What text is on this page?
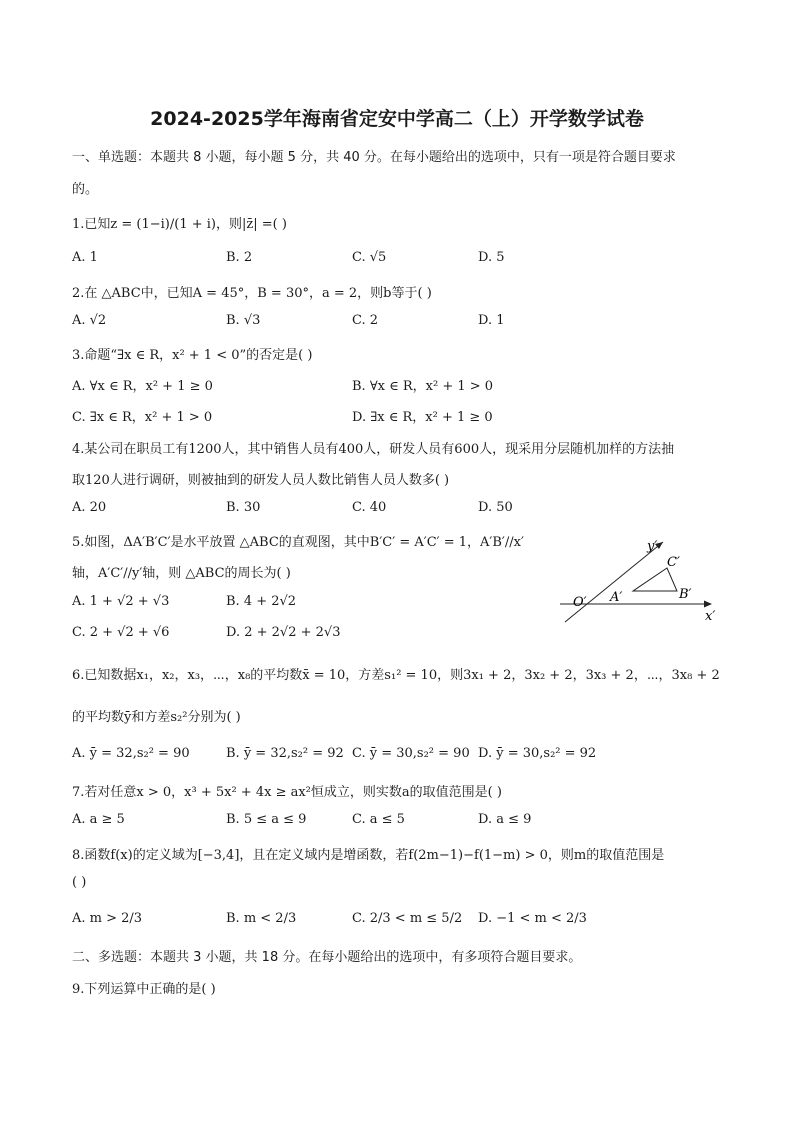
2024-2025学年海南省定安中学高二（上）开学数学试卷
一、单选题：本题共 8 小题，每小题 5 分，共 40 分。在每小题给出的选项中，只有一项是符合题目要求
的。
1.已知z = (1−i)/(1 + i)，则|z̄| =( )
A. 1	B. 2	C. √5	D. 5
2.在 △ABC中，已知A = 45°，B = 30°，a = 2，则b等于( )
A. √2	B. √3	C. 2	D. 1
3.命题“∃x ∈ R，x² + 1 < 0”的否定是( )
A. ∀x ∈ R，x² + 1 ≥ 0	B. ∀x ∈ R，x² + 1 > 0
C. ∃x ∈ R，x² + 1 > 0	D. ∃x ∈ R，x² + 1 ≥ 0
4.某公司在职员工有1200人，其中销售人员有400人，研发人员有600人，现采用分层随机加样的方法抽
取120人进行调研，则被抽到的研发人员人数比销售人员人数多( )
A. 20	B. 30	C. 40	D. 50
5.如图，ΔA′B′C′是水平放置 △ABC的直观图，其中B′C′ = A′C′ = 1，A′B′//x′
轴，A′C′//y′轴，则 △ABC的周长为( )
A. 1 + √2 + √3	B. 4 + 2√2
C. 2 + √2 + √6	D. 2 + 2√2 + 2√3
y′
x′
O′ A′	B′
C′
6.已知数据x₁，x₂，x₃，⋯，x₈的平均数x̄ = 10，方差s₁² = 10，则3x₁ + 2，3x₂ + 2，3x₃ + 2，⋯，3x₈ + 2
的平均数ȳ和方差s₂²分别为( )
A. ȳ = 32,s₂² = 90	B. ȳ = 32,s₂² = 92 C. ȳ = 30,s₂² = 90 D. ȳ = 30,s₂² = 92
7.若对任意x > 0，x³ + 5x² + 4x ≥ ax²恒成立，则实数a的取值范围是( )
A. a ≥ 5	B. 5 ≤ a ≤ 9	C. a ≤ 5	D. a ≤ 9
8.函数f(x)的定义域为[−3,4]，且在定义域内是增函数，若f(2m−1)−f(1−m) > 0，则m的取值范围是
( )
A. m > 2/3	B. m < 2/3	C. 2/3 < m ≤ 5/2 D. −1 < m < 2/3
二、多选题：本题共 3 小题，共 18 分。在每小题给出的选项中，有多项符合题目要求。
9.下列运算中正确的是( )
